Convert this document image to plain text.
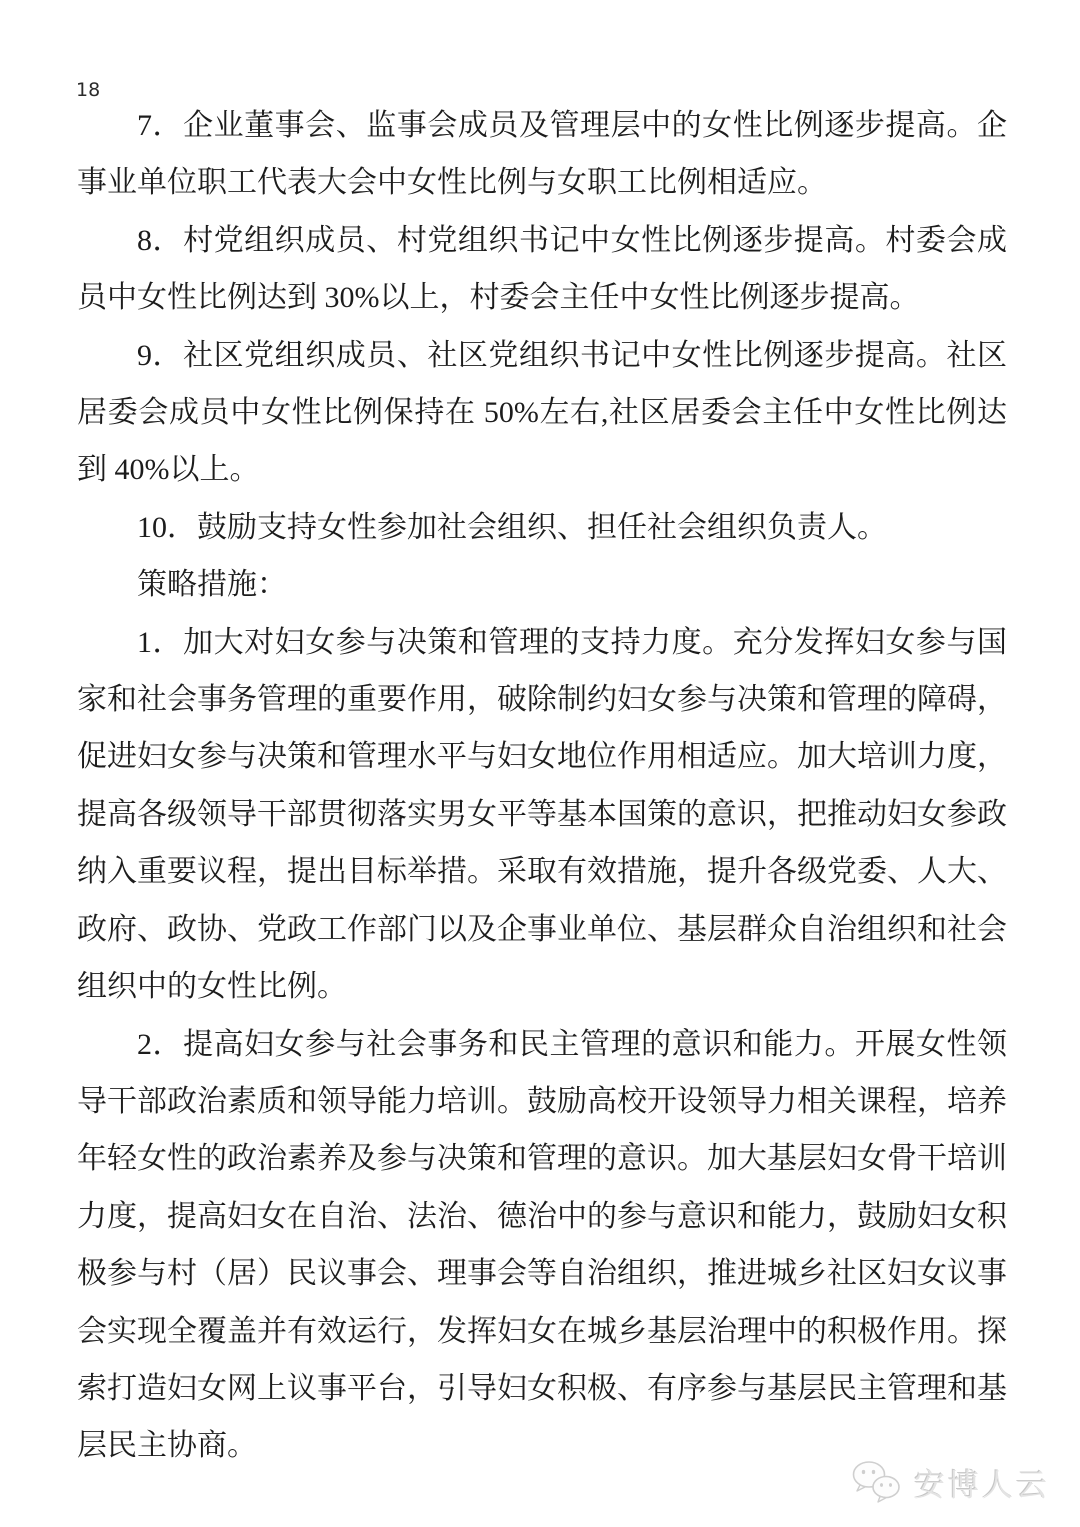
18

7．企业董事会、监事会成员及管理层中的女性比例逐步提高。企事业单位职工代表大会中女性比例与女职工比例相适应。

8．村党组织成员、村党组织书记中女性比例逐步提高。村委会成员中女性比例达到 30%以上，村委会主任中女性比例逐步提高。

9．社区党组织成员、社区党组织书记中女性比例逐步提高。社区居委会成员中女性比例保持在 50%左右,社区居委会主任中女性比例达到 40%以上。

10．鼓励支持女性参加社会组织、担任社会组织负责人。

策略措施：

1．加大对妇女参与决策和管理的支持力度。充分发挥妇女参与国家和社会事务管理的重要作用，破除制约妇女参与决策和管理的障碍，促进妇女参与决策和管理水平与妇女地位作用相适应。加大培训力度，提高各级领导干部贯彻落实男女平等基本国策的意识，把推动妇女参政纳入重要议程，提出目标举措。采取有效措施，提升各级党委、人大、政府、政协、党政工作部门以及企事业单位、基层群众自治组织和社会组织中的女性比例。

2．提高妇女参与社会事务和民主管理的意识和能力。开展女性领导干部政治素质和领导能力培训。鼓励高校开设领导力相关课程，培养年轻女性的政治素养及参与决策和管理的意识。加大基层妇女骨干培训力度，提高妇女在自治、法治、德治中的参与意识和能力，鼓励妇女积极参与村（居）民议事会、理事会等自治组织，推进城乡社区妇女议事会实现全覆盖并有效运行，发挥妇女在城乡基层治理中的积极作用。探索打造妇女网上议事平台，引导妇女积极、有序参与基层民主管理和基层民主协商。

安博人云
